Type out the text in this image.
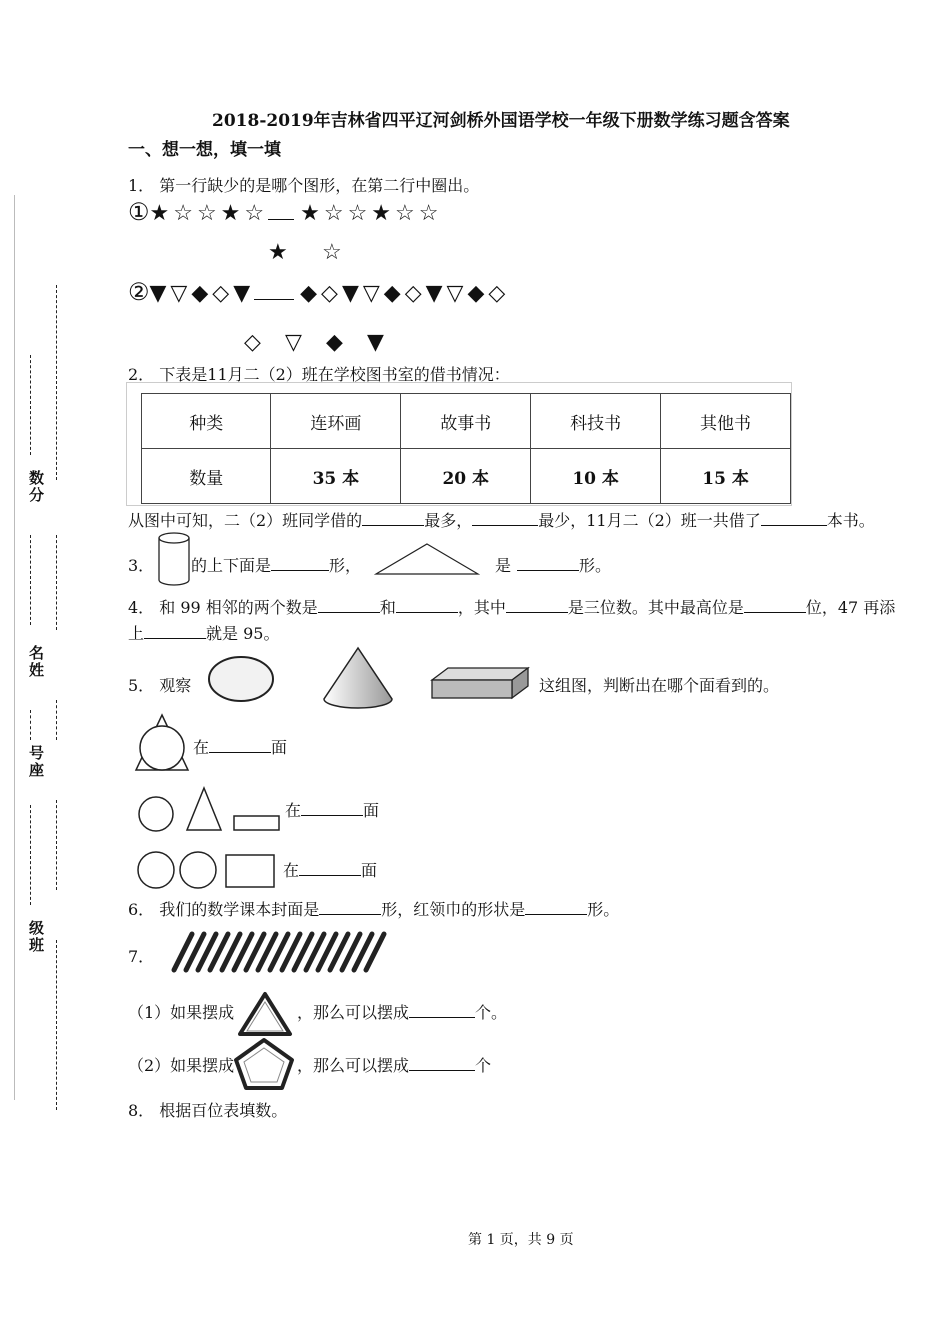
数分
名姓
号座
级班
2018-2019年吉林省四平辽河剑桥外国语学校一年级下册数学练习题含答案
一、想一想，填一填
1． 第一行缺少的是哪个图形，在第二行中圈出。
①★☆☆★☆ ★☆☆★☆☆
★ ☆
②▼▽◆◇▼ ◆◇▼▽◆◇▼▽◆◇
◇ ▽ ◆ ▼
2． 下表是11月二（2）班在学校图书室的借书情况：
种类	连环画	故事书	科技书	其他书
数量	35 本	20 本	10 本	15 本
从图中可知，二（2）班同学借的	最多，	最少，11月二（2）班一共借了	本书。
3． 的上下面是	形，	是	形。
4． 和 99 相邻的两个数是	和	，其中	是三位数。其中最高位是	位，47 再添
上	就是 95。
5． 观察	这组图，判断出在哪个面看到的。
在	面
在	面
在	面
6． 我们的数学课本封面是	形，红领巾的形状是	形。
7．
（1）如果摆成	，那么可以摆成	个。
（2）如果摆成	，那么可以摆成	个
8． 根据百位表填数。
第 1 页，共 9 页
